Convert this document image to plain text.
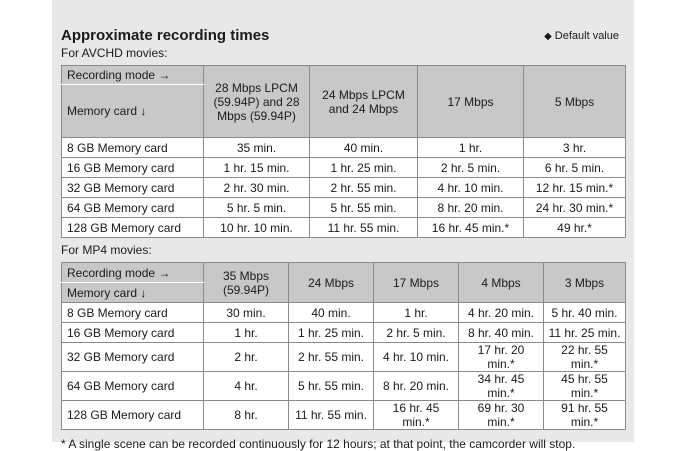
Approximate recording times	◆ Default value

For AVCHD movies:

Recording mode →	28 Mbps LPCM (59.94P) and 28 Mbps (59.94P)	24 Mbps LPCM and 24 Mbps	17 Mbps	5 Mbps
Memory card ↓				
8 GB Memory card	35 min.	40 min.	1 hr.	3 hr.
16 GB Memory card	1 hr. 15 min.	1 hr. 25 min.	2 hr. 5 min.	6 hr. 5 min.
32 GB Memory card	2 hr. 30 min.	2 hr. 55 min.	4 hr. 10 min.	12 hr. 15 min.*
64 GB Memory card	5 hr. 5 min.	5 hr. 55 min.	8 hr. 20 min.	24 hr. 30 min.*
128 GB Memory card	10 hr. 10 min.	11 hr. 55 min.	16 hr. 45 min.*	49 hr.*

For MP4 movies:

Recording mode →	35 Mbps (59.94P)	24 Mbps	17 Mbps	4 Mbps	3 Mbps
Memory card ↓					
8 GB Memory card	30 min.	40 min.	1 hr.	4 hr. 20 min.	5 hr. 40 min.
16 GB Memory card	1 hr.	1 hr. 25 min.	2 hr. 5 min.	8 hr. 40 min.	11 hr. 25 min.
32 GB Memory card	2 hr.	2 hr. 55 min.	4 hr. 10 min.	17 hr. 20 min.*	22 hr. 55 min.*
64 GB Memory card	4 hr.	5 hr. 55 min.	8 hr. 20 min.	34 hr. 45 min.*	45 hr. 55 min.*
128 GB Memory card	8 hr.	11 hr. 55 min.	16 hr. 45 min.*	69 hr. 30 min.*	91 hr. 55 min.*
* A single scene can be recorded continuously for 12 hours; at that point, the camcorder will stop.
